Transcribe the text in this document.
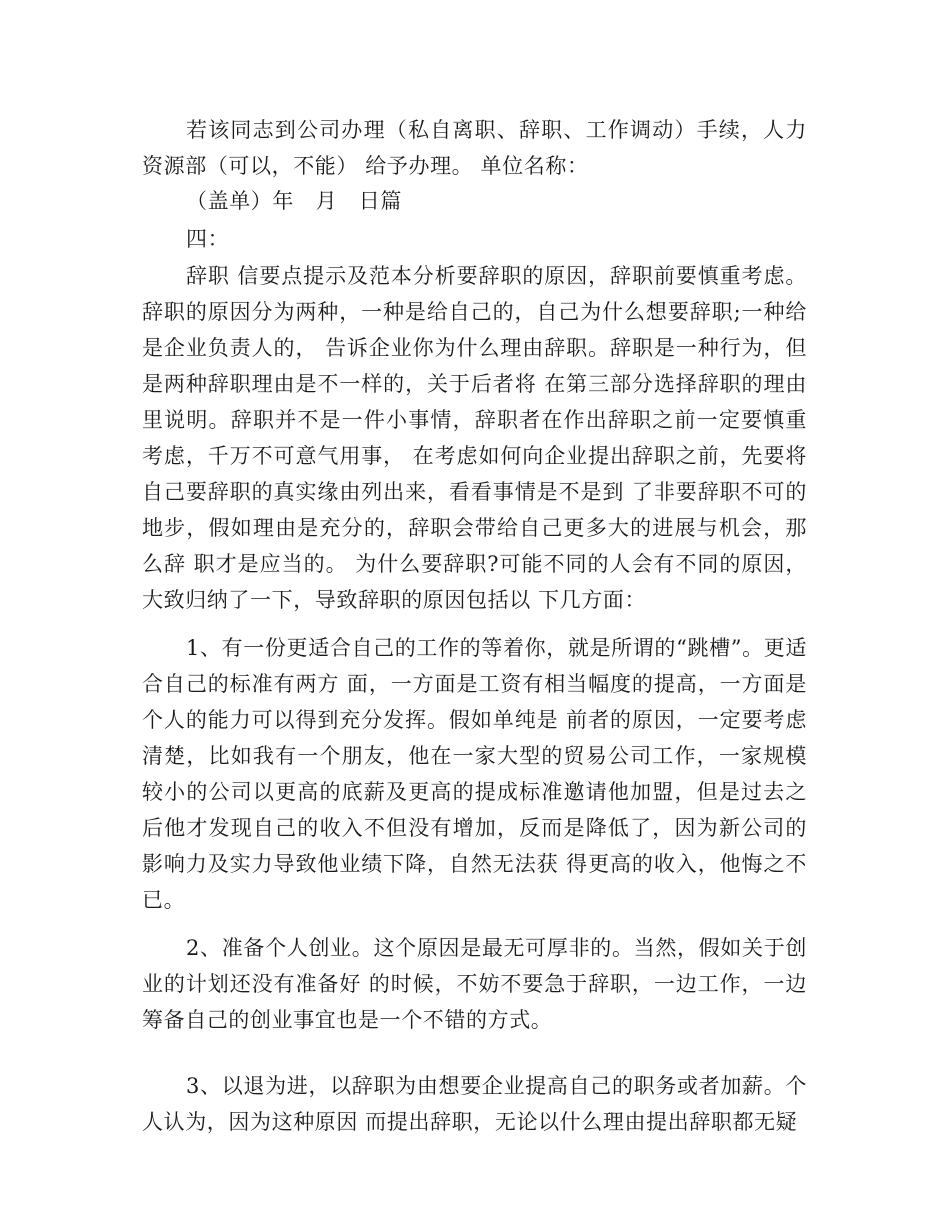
若该同志到公司办理（私自离职、辞职、工作调动）手续，人力资源部（可以，不能） 给予办理。 单位名称：

（盖单）年　月　日篇

四：

辞职 信要点提示及范本分析要辞职的原因，辞职前要慎重考虑。辞职的原因分为两种，一种是给自己的，自己为什么想要辞职;一种给是企业负责人的， 告诉企业你为什么理由辞职。辞职是一种行为，但是两种辞职理由是不一样的，关于后者将 在第三部分选择辞职的理由里说明。辞职并不是一件小事情，辞职者在作出辞职之前一定要慎重考虑，千万不可意气用事， 在考虑如何向企业提出辞职之前，先要将自己要辞职的真实缘由列出来，看看事情是不是到 了非要辞职不可的地步，假如理由是充分的，辞职会带给自己更多大的进展与机会，那么辞 职才是应当的。 为什么要辞职?可能不同的人会有不同的原因，大致归纳了一下，导致辞职的原因包括以 下几方面：

1、有一份更适合自己的工作的等着你，就是所谓的“跳槽”。更适合自己的标准有两方 面，一方面是工资有相当幅度的提高，一方面是个人的能力可以得到充分发挥。假如单纯是 前者的原因，一定要考虑清楚，比如我有一个朋友，他在一家大型的贸易公司工作，一家规模较小的公司以更高的底薪及更高的提成标准邀请他加盟，但是过去之后他才发现自己的收入不但没有增加，反而是降低了，因为新公司的影响力及实力导致他业绩下降，自然无法获 得更高的收入，他悔之不已。

2、准备个人创业。这个原因是最无可厚非的。当然，假如关于创业的计划还没有准备好 的时候，不妨不要急于辞职，一边工作，一边筹备自己的创业事宜也是一个不错的方式。

3、以退为进，以辞职为由想要企业提高自己的职务或者加薪。个人认为，因为这种原因 而提出辞职，无论以什么理由提出辞职都无疑
